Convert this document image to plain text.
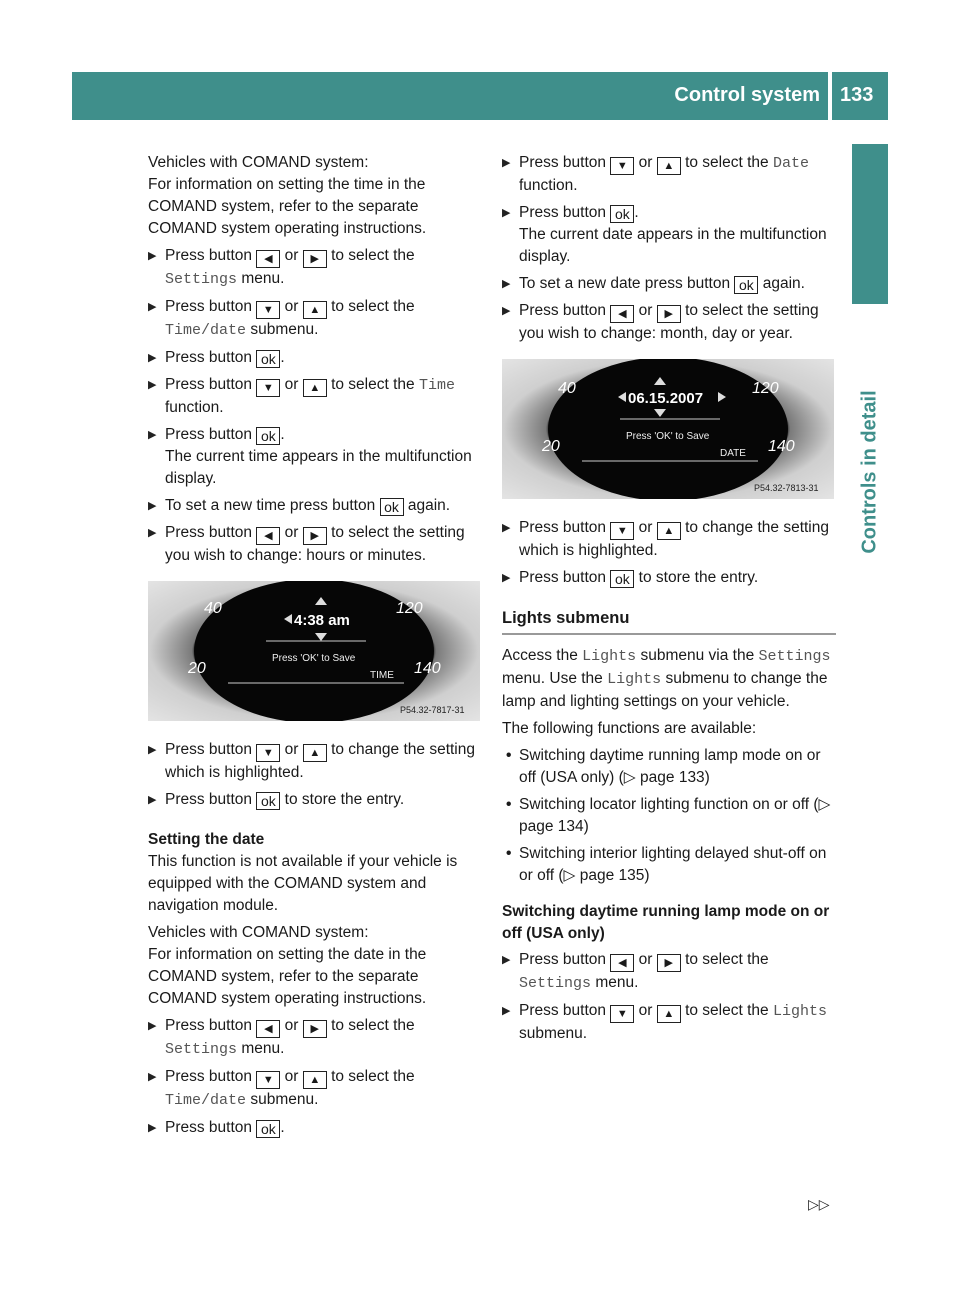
Control system 133
Controls in detail

Vehicles with COMAND system:
For information on setting the time in the COMAND system, refer to the separate COMAND system operating instructions.

▶ Press button ◀ or ▶ to select the Settings menu.
▶ Press button ▼ or ▲ to select the Time/date submenu.
▶ Press button ok .
▶ Press button ▼ or ▲ to select the Time function.
▶ Press button ok .
The current time appears in the multifunction display.
▶ To set a new time press button ok again.
▶ Press button ◀ or ▶ to select the setting you wish to change: hours or minutes.
40	120
20	140
4:38 am
Press 'OK' to Save
TIME
P54.32-7817-31
▶ Press button ▼ or ▲ to change the setting which is highlighted.
▶ Press button ok to store the entry.
Setting the date

This function is not available if your vehicle is equipped with the COMAND system and navigation module.

Vehicles with COMAND system:
For information on setting the date in the COMAND system, refer to the separate COMAND system operating instructions.

▶ Press button ◀ or ▶ to select the Settings menu.
▶ Press button ▼ or ▲ to select the Time/date submenu.
▶ Press button ok .
▶ Press button ▼ or ▲ to select the Date function.
▶ Press button ok .
The current date appears in the multifunction display.
▶ To set a new date press button ok again.
▶ Press button ◀ or ▶ to select the setting you wish to change: month, day or year.
40	120
20	140
06.15.2007
Press 'OK' to Save
DATE
P54.32-7813-31
▶ Press button ▼ or ▲ to change the setting which is highlighted.
▶ Press button ok to store the entry.
Lights submenu

Access the Lights submenu via the Settings menu. Use the Lights submenu to change the lamp and lighting settings on your vehicle.

The following functions are available:

• Switching daytime running lamp mode on or off (USA only) (▷ page 133)
• Switching locator lighting function on or off (▷ page 134)
• Switching interior lighting delayed shut-off on or off (▷ page 135)
Switching daytime running lamp mode on or off (USA only)
▶ Press button ◀ or ▶ to select the Settings menu.
▶ Press button ▼ or ▲ to select the Lights submenu.
▷▷
